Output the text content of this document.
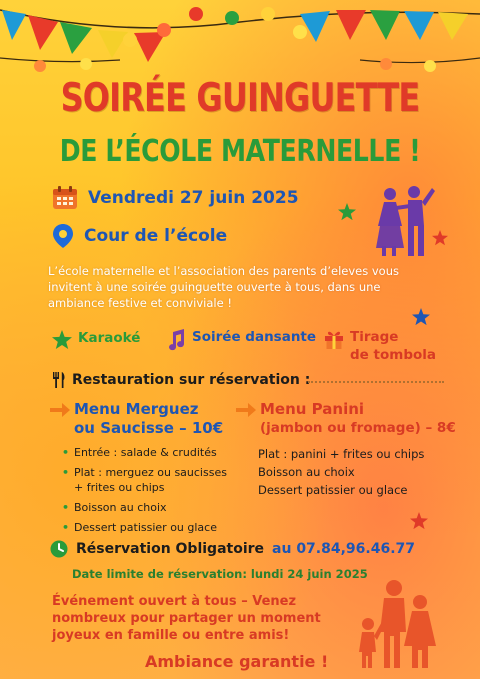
SOIRÉE GUINGUETTE
DE L’ÉCOLE MATERNELLE !
Vendredi 27 juin 2025
Cour de l’école
L’école maternelle et l’association des parents d’eleves vous invitent à une soirée guinguette ouverte à tous, dans une ambiance festive et conviviale !
Karaoké	Soirée dansante	Tirage
de tombola
Restauration sur réservation :
Menu Merguez
ou Saucisse – 10€
• Entrée : salade & crudités
• Plat : merguez ou saucisses + frites ou chips
• Boisson au choix
• Dessert patissier ou glace
Menu Panini
(jambon ou fromage) – 8€
Plat : panini + frites ou chips
Boisson au choix
Dessert patissier ou glace
Réservation Obligatoire au 07.84,96.46.77
Date limite de réservation: lundi 24 juin 2025
Événement ouvert à tous – Venez nombreux pour partager un moment joyeux en famille ou entre amis!
Ambiance garantie !
